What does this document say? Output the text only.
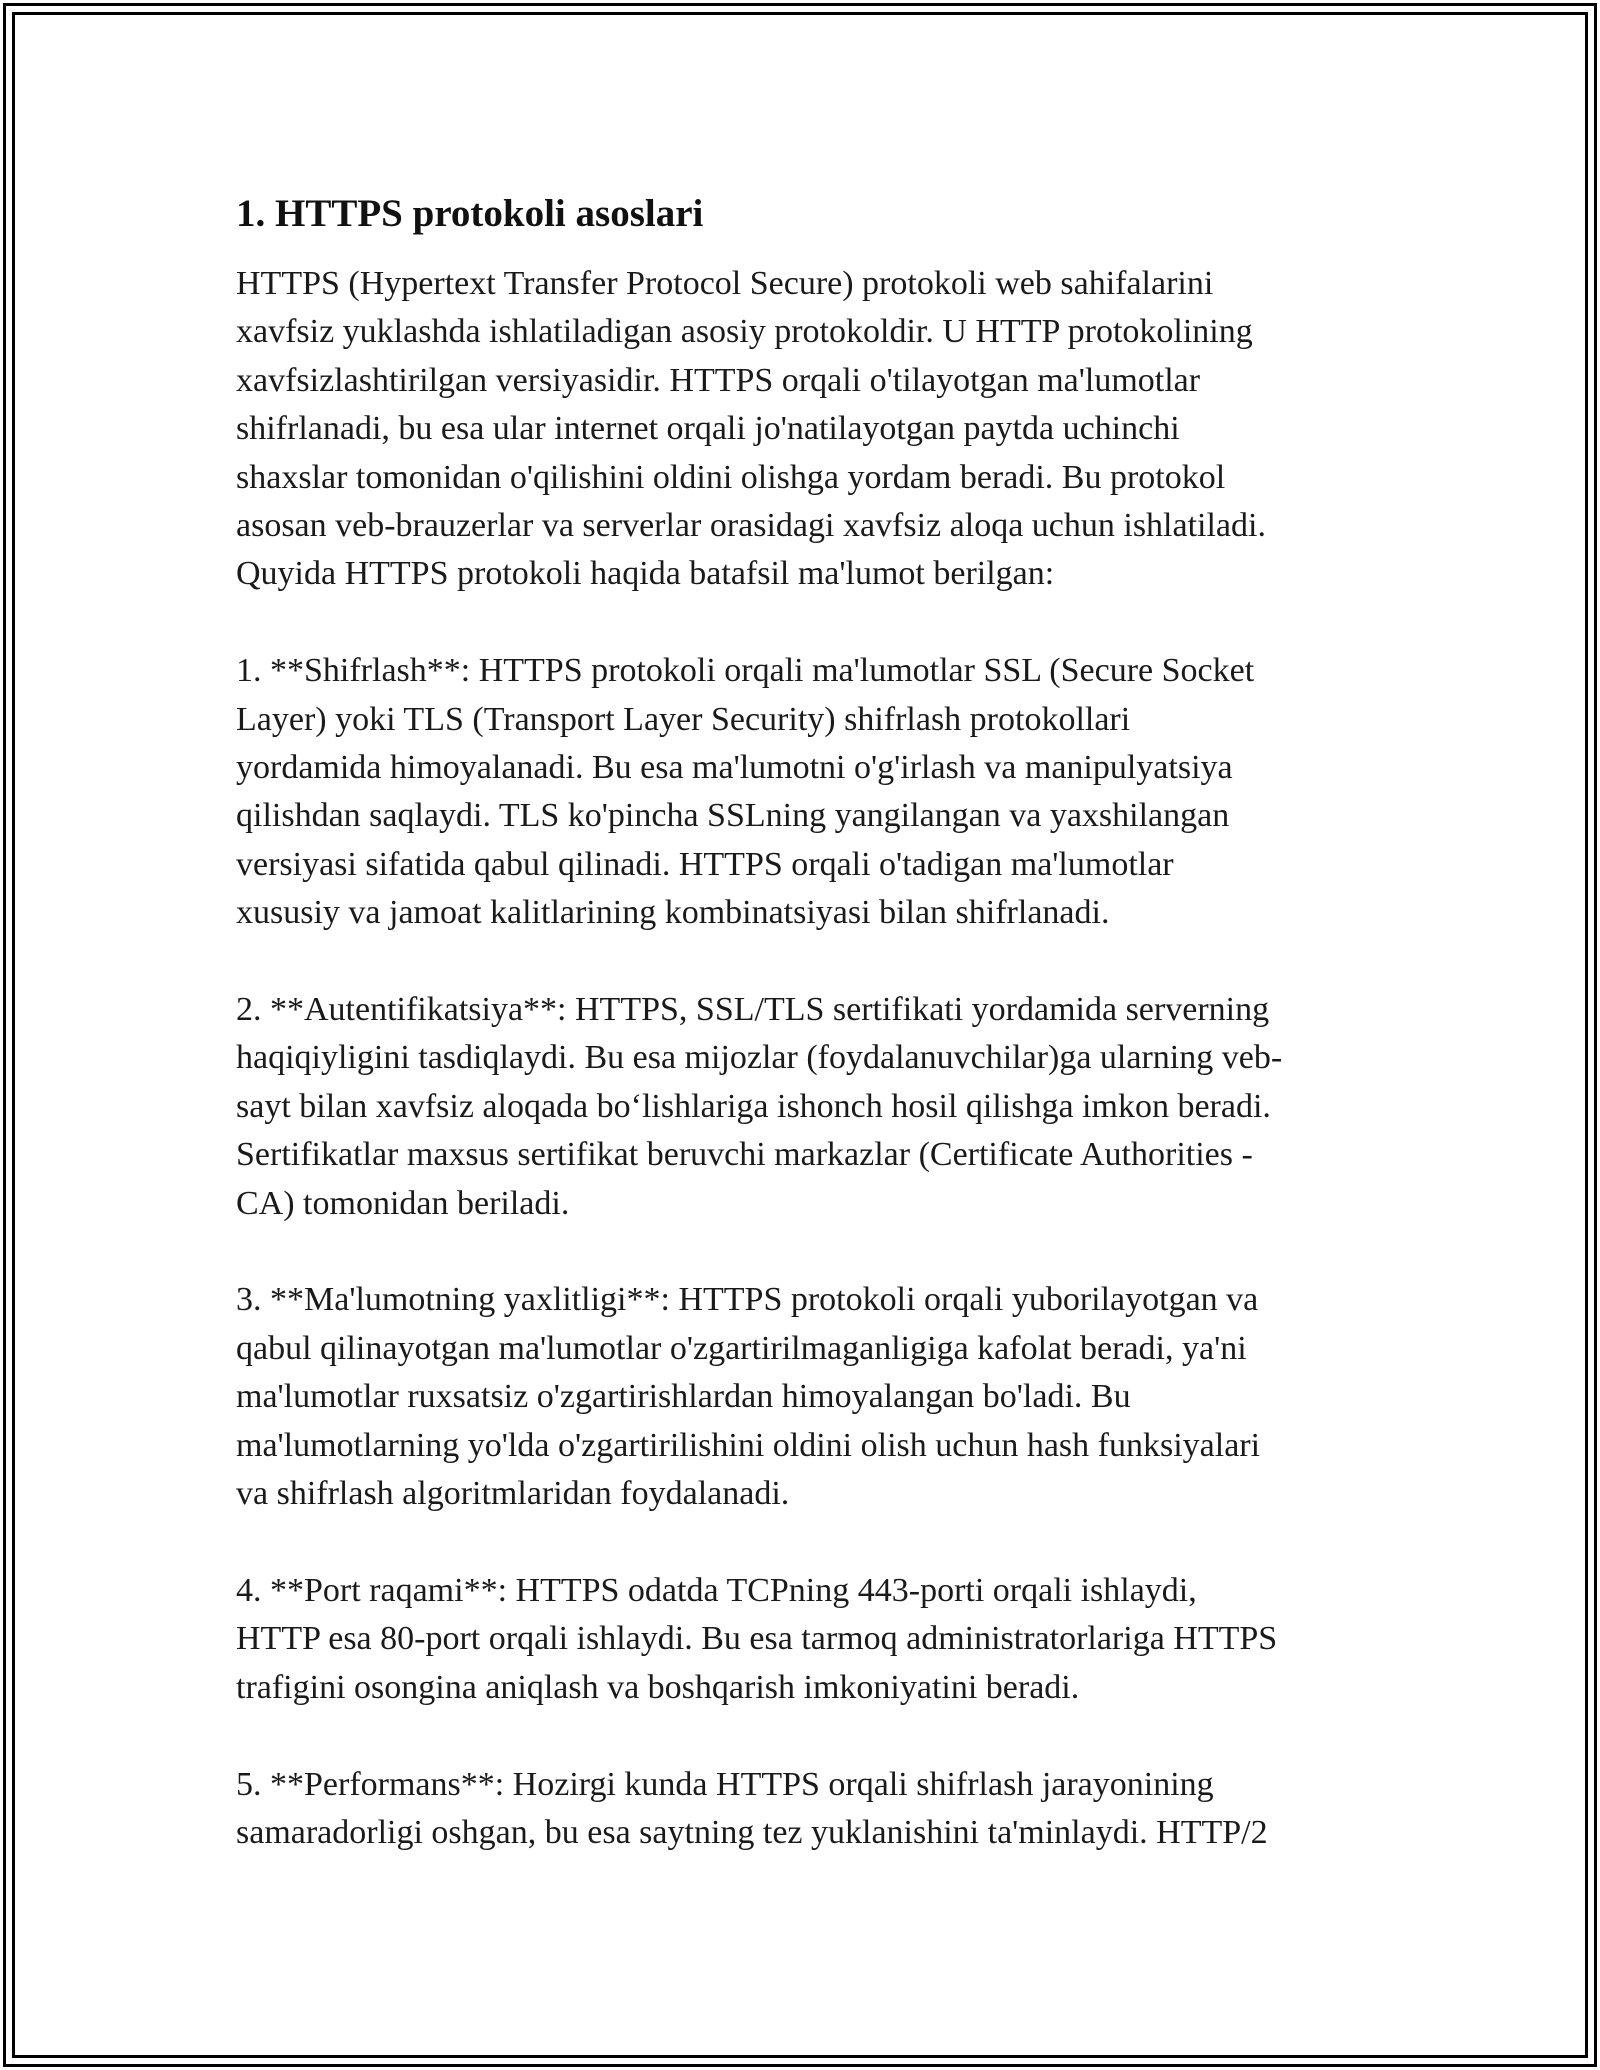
1. HTTPS protokoli asoslari

HTTPS (Hypertext Transfer Protocol Secure) protokoli web sahifalarini
xavfsiz yuklashda ishlatiladigan asosiy protokoldir. U HTTP protokolining
xavfsizlashtirilgan versiyasidir. HTTPS orqali o'tilayotgan ma'lumotlar
shifrlanadi, bu esa ular internet orqali jo'natilayotgan paytda uchinchi
shaxslar tomonidan o'qilishini oldini olishga yordam beradi. Bu protokol
asosan veb-brauzerlar va serverlar orasidagi xavfsiz aloqa uchun ishlatiladi.
Quyida HTTPS protokoli haqida batafsil ma'lumot berilgan:

1. **Shifrlash**: HTTPS protokoli orqali ma'lumotlar SSL (Secure Socket
Layer) yoki TLS (Transport Layer Security) shifrlash protokollari
yordamida himoyalanadi. Bu esa ma'lumotni o'g'irlash va manipulyatsiya
qilishdan saqlaydi. TLS ko'pincha SSLning yangilangan va yaxshilangan
versiyasi sifatida qabul qilinadi. HTTPS orqali o'tadigan ma'lumotlar
xususiy va jamoat kalitlarining kombinatsiyasi bilan shifrlanadi.

2. **Autentifikatsiya**: HTTPS, SSL/TLS sertifikati yordamida serverning
haqiqiyligini tasdiqlaydi. Bu esa mijozlar (foydalanuvchilar)ga ularning veb-
sayt bilan xavfsiz aloqada bo‘lishlariga ishonch hosil qilishga imkon beradi.
Sertifikatlar maxsus sertifikat beruvchi markazlar (Certificate Authorities -
CA) tomonidan beriladi.

3. **Ma'lumotning yaxlitligi**: HTTPS protokoli orqali yuborilayotgan va
qabul qilinayotgan ma'lumotlar o'zgartirilmaganligiga kafolat beradi, ya'ni
ma'lumotlar ruxsatsiz o'zgartirishlardan himoyalangan bo'ladi. Bu
ma'lumotlarning yo'lda o'zgartirilishini oldini olish uchun hash funksiyalari
va shifrlash algoritmlaridan foydalanadi.

4. **Port raqami**: HTTPS odatda TCPning 443-porti orqali ishlaydi,
HTTP esa 80-port orqali ishlaydi. Bu esa tarmoq administratorlariga HTTPS
trafigini osongina aniqlash va boshqarish imkoniyatini beradi.

5. **Performans**: Hozirgi kunda HTTPS orqali shifrlash jarayonining
samaradorligi oshgan, bu esa saytning tez yuklanishini ta'minlaydi. HTTP/2
